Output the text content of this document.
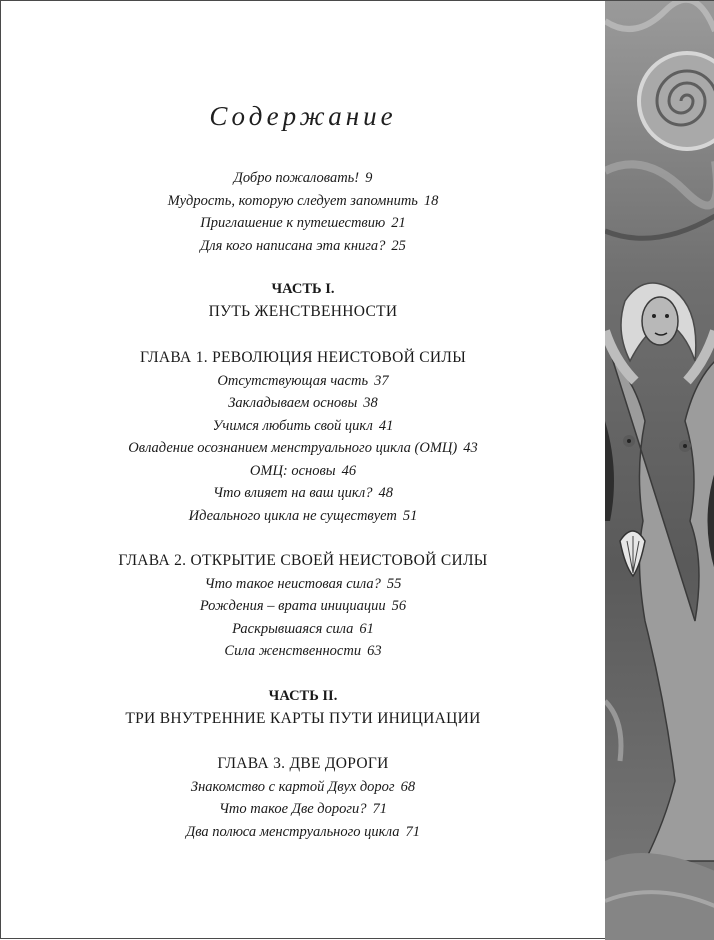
Содержание
Добро пожаловать! 9
Мудрость, которую следует запомнить 18
Приглашение к путешествию 21
Для кого написана эта книга? 25
ЧАСТЬ I.
ПУТЬ ЖЕНСТВЕННОСТИ
ГЛАВА 1. РЕВОЛЮЦИЯ НЕИСТОВОЙ СИЛЫ
Отсутствующая часть 37
Закладываем основы 38
Учимся любить свой цикл 41
Овладение осознанием менструального цикла (ОМЦ) 43
ОМЦ: основы 46
Что влияет на ваш цикл? 48
Идеального цикла не существует 51
ГЛАВА 2. ОТКРЫТИЕ СВОЕЙ НЕИСТОВОЙ СИЛЫ
Что такое неистовая сила? 55
Рождения – врата инициации 56
Раскрывшаяся сила 61
Сила женственности 63
ЧАСТЬ II.
ТРИ ВНУТРЕННИЕ КАРТЫ ПУТИ ИНИЦИАЦИИ
ГЛАВА 3. ДВЕ ДОРОГИ
Знакомство с картой Двух дорог 68
Что такое Две дороги? 71
Два полюса менструального цикла 71
